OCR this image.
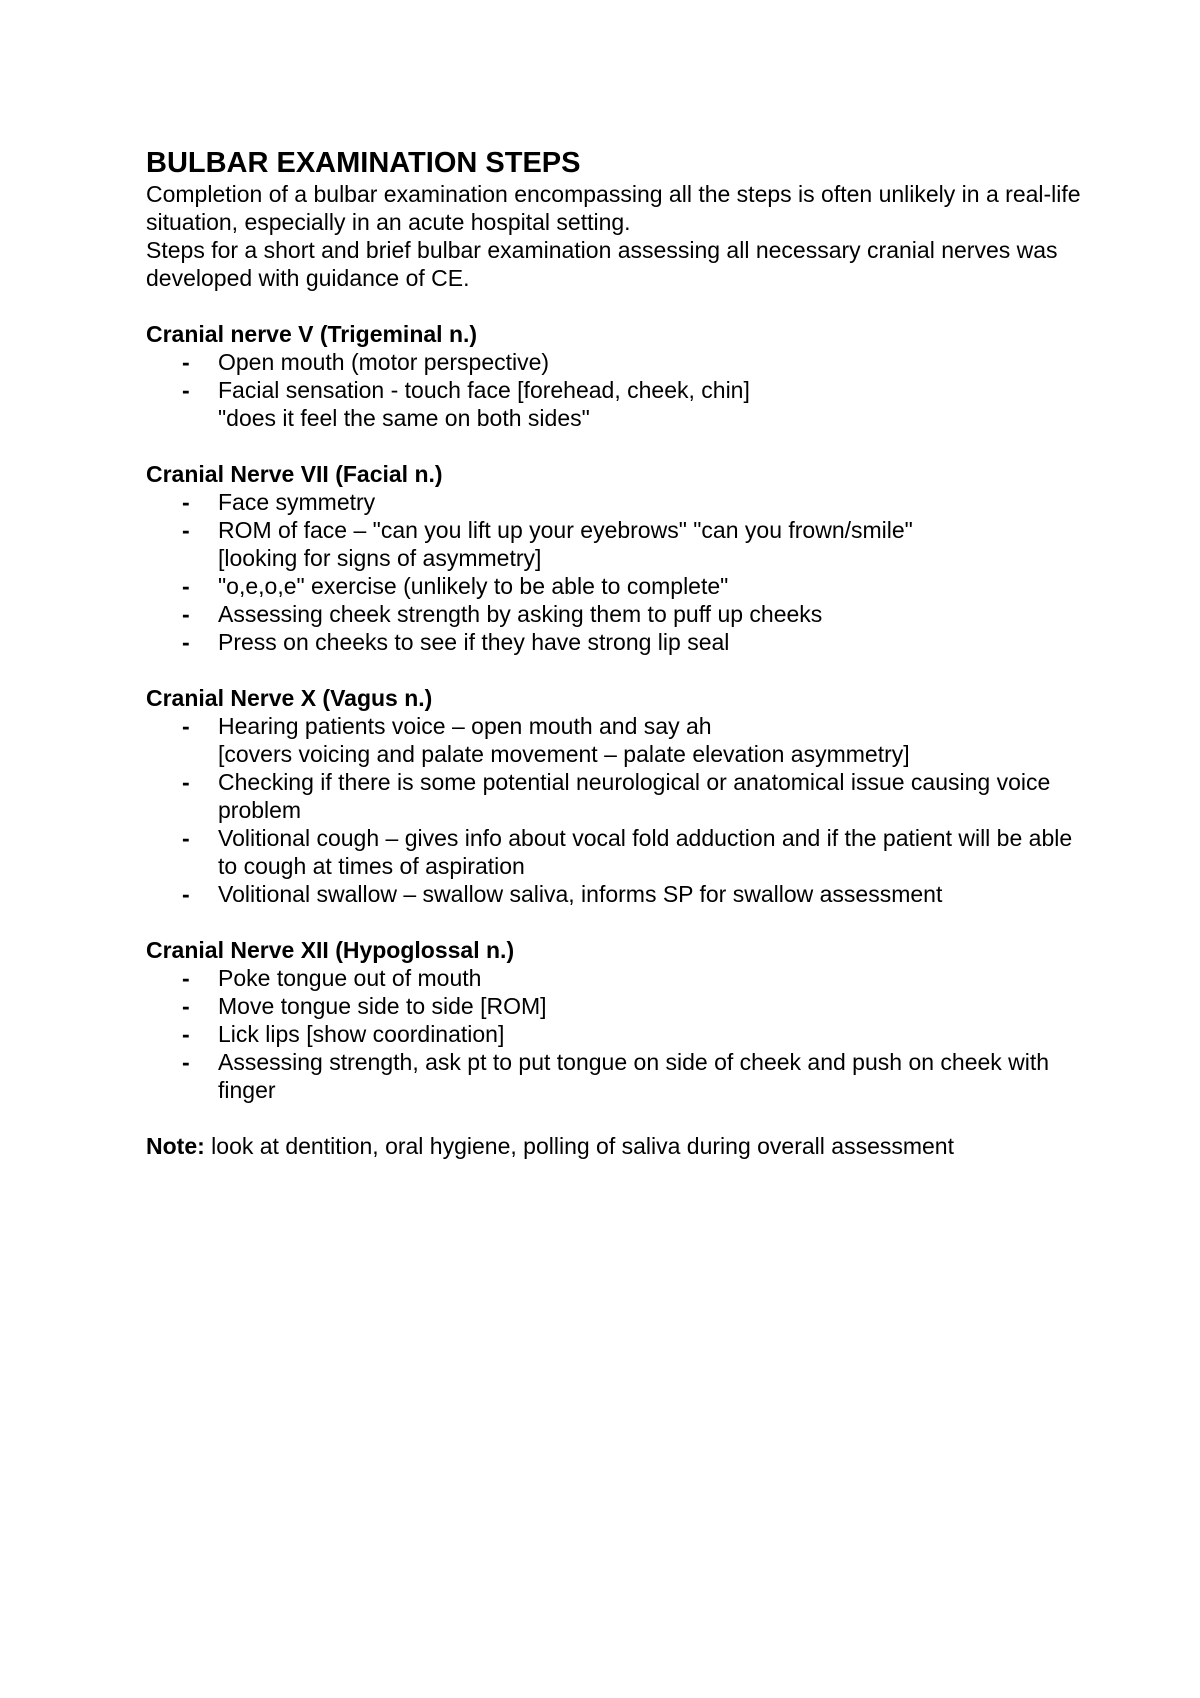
BULBAR EXAMINATION STEPS

Completion of a bulbar examination encompassing all the steps is often unlikely in a real-life situation, especially in an acute hospital setting.

Steps for a short and brief bulbar examination assessing all necessary cranial nerves was developed with guidance of CE.

Cranial nerve V (Trigeminal n.)
- Open mouth (motor perspective)
- Facial sensation - touch face [forehead, cheek, chin]
"does it feel the same on both sides"
Cranial Nerve VII (Facial n.)
- Face symmetry
- ROM of face – "can you lift up your eyebrows" "can you frown/smile"
[looking for signs of asymmetry]
- "o,e,o,e" exercise (unlikely to be able to complete"
- Assessing cheek strength by asking them to puff up cheeks
- Press on cheeks to see if they have strong lip seal
Cranial Nerve X (Vagus n.)
- Hearing patients voice – open mouth and say ah
[covers voicing and palate movement – palate elevation asymmetry]
- Checking if there is some potential neurological or anatomical issue causing voice problem
- Volitional cough – gives info about vocal fold adduction and if the patient will be able to cough at times of aspiration
- Volitional swallow – swallow saliva, informs SP for swallow assessment
Cranial Nerve XII (Hypoglossal n.)
- Poke tongue out of mouth
- Move tongue side to side [ROM]
- Lick lips [show coordination]
- Assessing strength, ask pt to put tongue on side of cheek and push on cheek with finger
Note: look at dentition, oral hygiene, polling of saliva during overall assessment
